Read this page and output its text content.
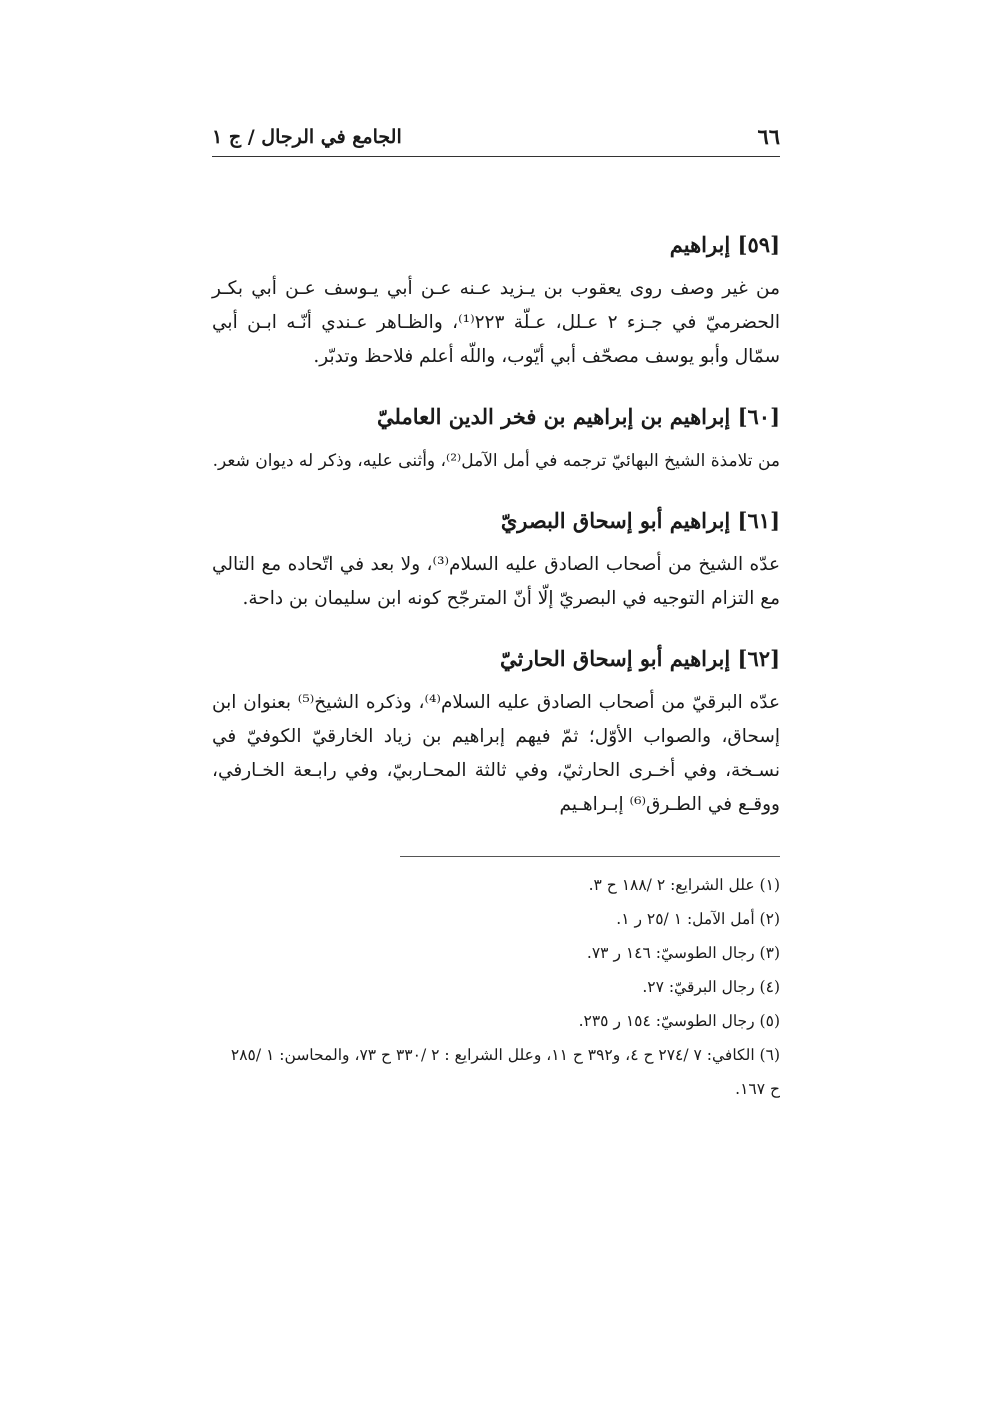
الجامع في الرجال / ج ١	٦٦

[٥٩] إبراهيم

من غير وصف روى يعقوب بن يـزيد عـنه عـن أبي يـوسف عـن أبي بكـر الحضرميّ في جـزء ٢ عـلل، عـلّة ٢٢٣⁽¹⁾، والظـاهر عـندي أنّـه ابـن أبي سمّال وأبو يوسف مصحّف أبي أيّوب، واللّه أعلم فلاحظ وتدبّر.

[٦٠] إبراهيم بن إبراهيم بن فخر الدين العامليّ

من تلامذة الشيخ البهائيّ ترجمه في أمل الآمل⁽²⁾، وأثنى عليه، وذكر له ديوان شعر.

[٦١] إبراهيم أبو إسحاق البصريّ

عدّه الشيخ من أصحاب الصادق عليه السلام⁽³⁾، ولا بعد في اتّحاده مع التالي مع التزام التوجيه في البصريّ إلّا أنّ المترجّح كونه ابن سليمان بن داحة.

[٦٢] إبراهيم أبو إسحاق الحارثيّ

عدّه البرقيّ من أصحاب الصادق عليه السلام⁽⁴⁾، وذكره الشيخ⁽⁵⁾ بعنوان ابن إسحاق، والصواب الأوّل؛ ثمّ فيهم إبراهيم بن زياد الخارقيّ الكوفيّ في نسـخة، وفي أخـرى الحارثيّ، وفي ثالثة المحـاربيّ، وفي رابـعة الخـارفي، ووقـع في الطـرق⁽⁶⁾ إبـراهـيم

(١) علل الشرايع: ٢ /١٨٨ ح ٣.

(٢) أمل الآمل: ١ /٢٥ ر ١.

(٣) رجال الطوسيّ: ١٤٦ ر ٧٣.

(٤) رجال البرقيّ: ٢٧.

(٥) رجال الطوسيّ: ١٥٤ ر ٢٣٥.

(٦) الكافي: ٧ /٢٧٤ ح ٤، و٣٩٢ ح ١١، وعلل الشرايع : ٢ /٣٣٠ ح ٧٣، والمحاسن: ١ /٢٨٥

ح ١٦٧.
